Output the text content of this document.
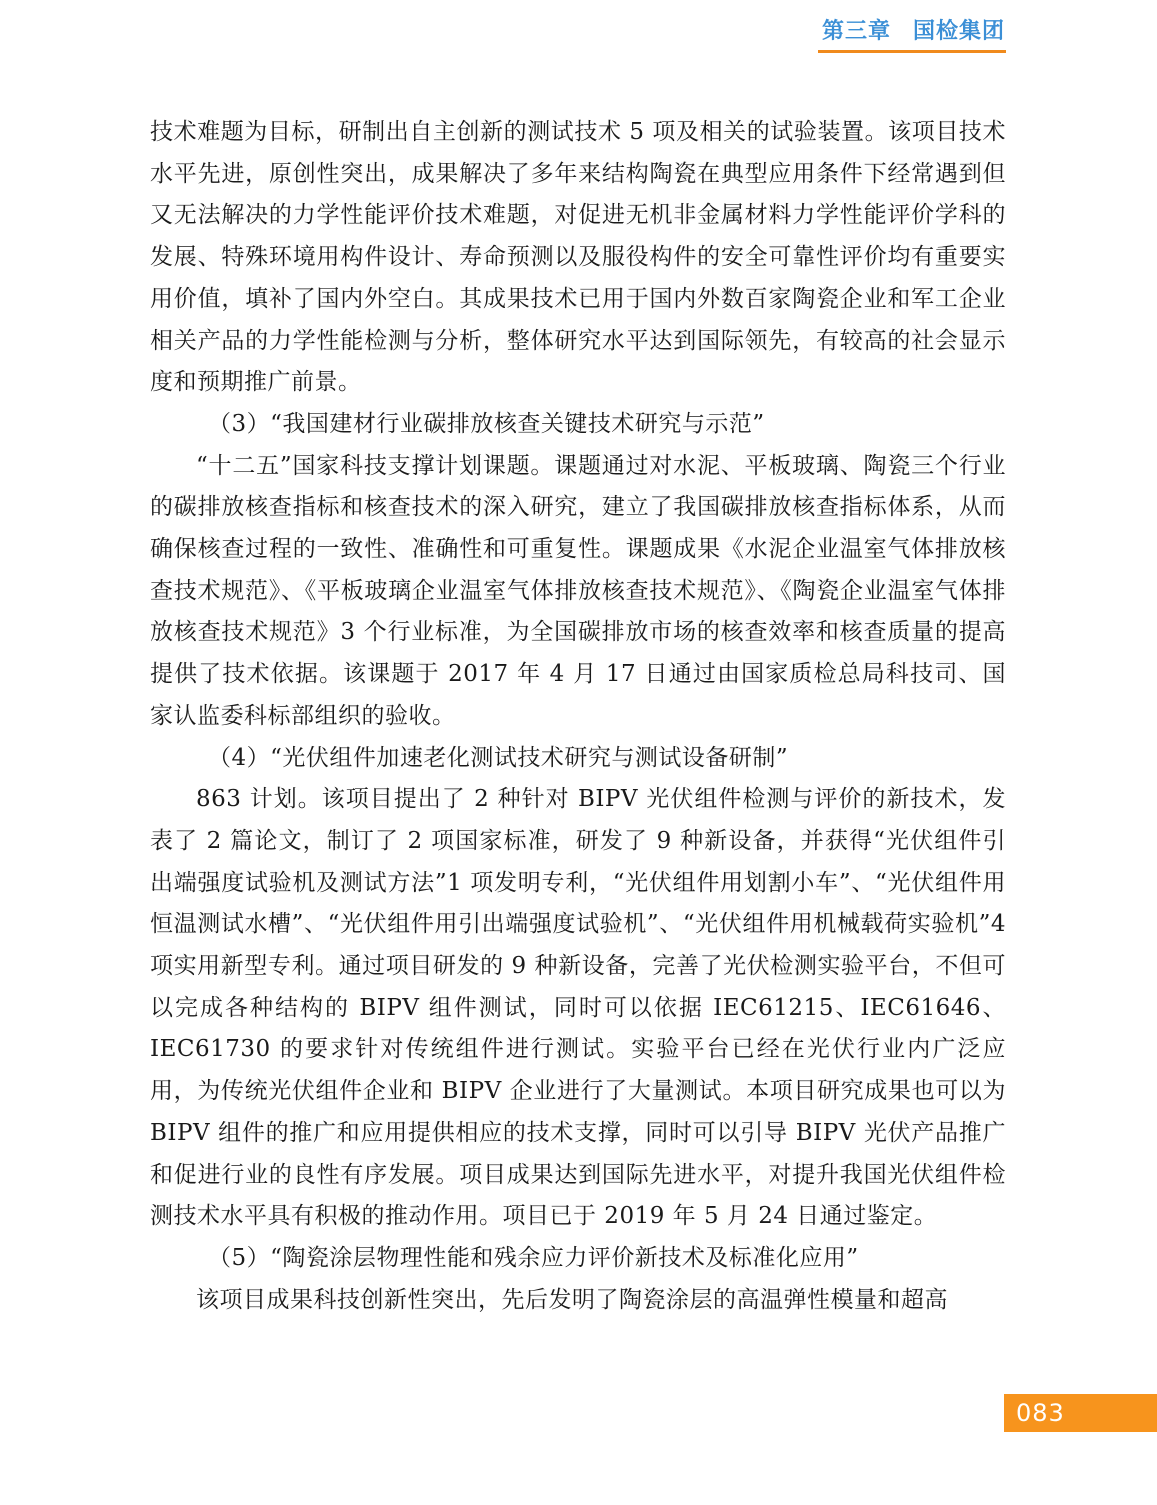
第三章 国检集团

技术难题为目标，研制出自主创新的测试技术 5 项及相关的试验装置。该项目技术水平先进，原创性突出，成果解决了多年来结构陶瓷在典型应用条件下经常遇到但又无法解决的力学性能评价技术难题，对促进无机非金属材料力学性能评价学科的发展、特殊环境用构件设计、寿命预测以及服役构件的安全可靠性评价均有重要实用价值，填补了国内外空白。其成果技术已用于国内外数百家陶瓷企业和军工企业相关产品的力学性能检测与分析，整体研究水平达到国际领先，有较高的社会显示度和预期推广前景。

（3）“我国建材行业碳排放核查关键技术研究与示范”

“十二五”国家科技支撑计划课题。课题通过对水泥、平板玻璃、陶瓷三个行业的碳排放核查指标和核查技术的深入研究，建立了我国碳排放核查指标体系，从而确保核查过程的一致性、准确性和可重复性。课题成果《水泥企业温室气体排放核查技术规范》、《平板玻璃企业温室气体排放核查技术规范》、《陶瓷企业温室气体排放核查技术规范》3 个行业标准，为全国碳排放市场的核查效率和核查质量的提高提供了技术依据。该课题于 2017 年 4 月 17 日通过由国家质检总局科技司、国家认监委科标部组织的验收。

（4）“光伏组件加速老化测试技术研究与测试设备研制”

863 计划。该项目提出了 2 种针对 BIPV 光伏组件检测与评价的新技术，发表了 2 篇论文，制订了 2 项国家标准，研发了 9 种新设备，并获得“光伏组件引出端强度试验机及测试方法”1 项发明专利，“光伏组件用划割小车”、“光伏组件用恒温测试水槽”、“光伏组件用引出端强度试验机”、“光伏组件用机械载荷实验机”4 项实用新型专利。通过项目研发的 9 种新设备，完善了光伏检测实验平台，不但可以完成各种结构的 BIPV 组件测试，同时可以依据 IEC61215、IEC61646、IEC61730 的要求针对传统组件进行测试。实验平台已经在光伏行业内广泛应用，为传统光伏组件企业和 BIPV 企业进行了大量测试。本项目研究成果也可以为 BIPV 组件的推广和应用提供相应的技术支撑，同时可以引导 BIPV 光伏产品推广和促进行业的良性有序发展。项目成果达到国际先进水平，对提升我国光伏组件检测技术水平具有积极的推动作用。项目已于 2019 年 5 月 24 日通过鉴定。

（5）“陶瓷涂层物理性能和残余应力评价新技术及标准化应用”

该项目成果科技创新性突出，先后发明了陶瓷涂层的高温弹性模量和超高

083
